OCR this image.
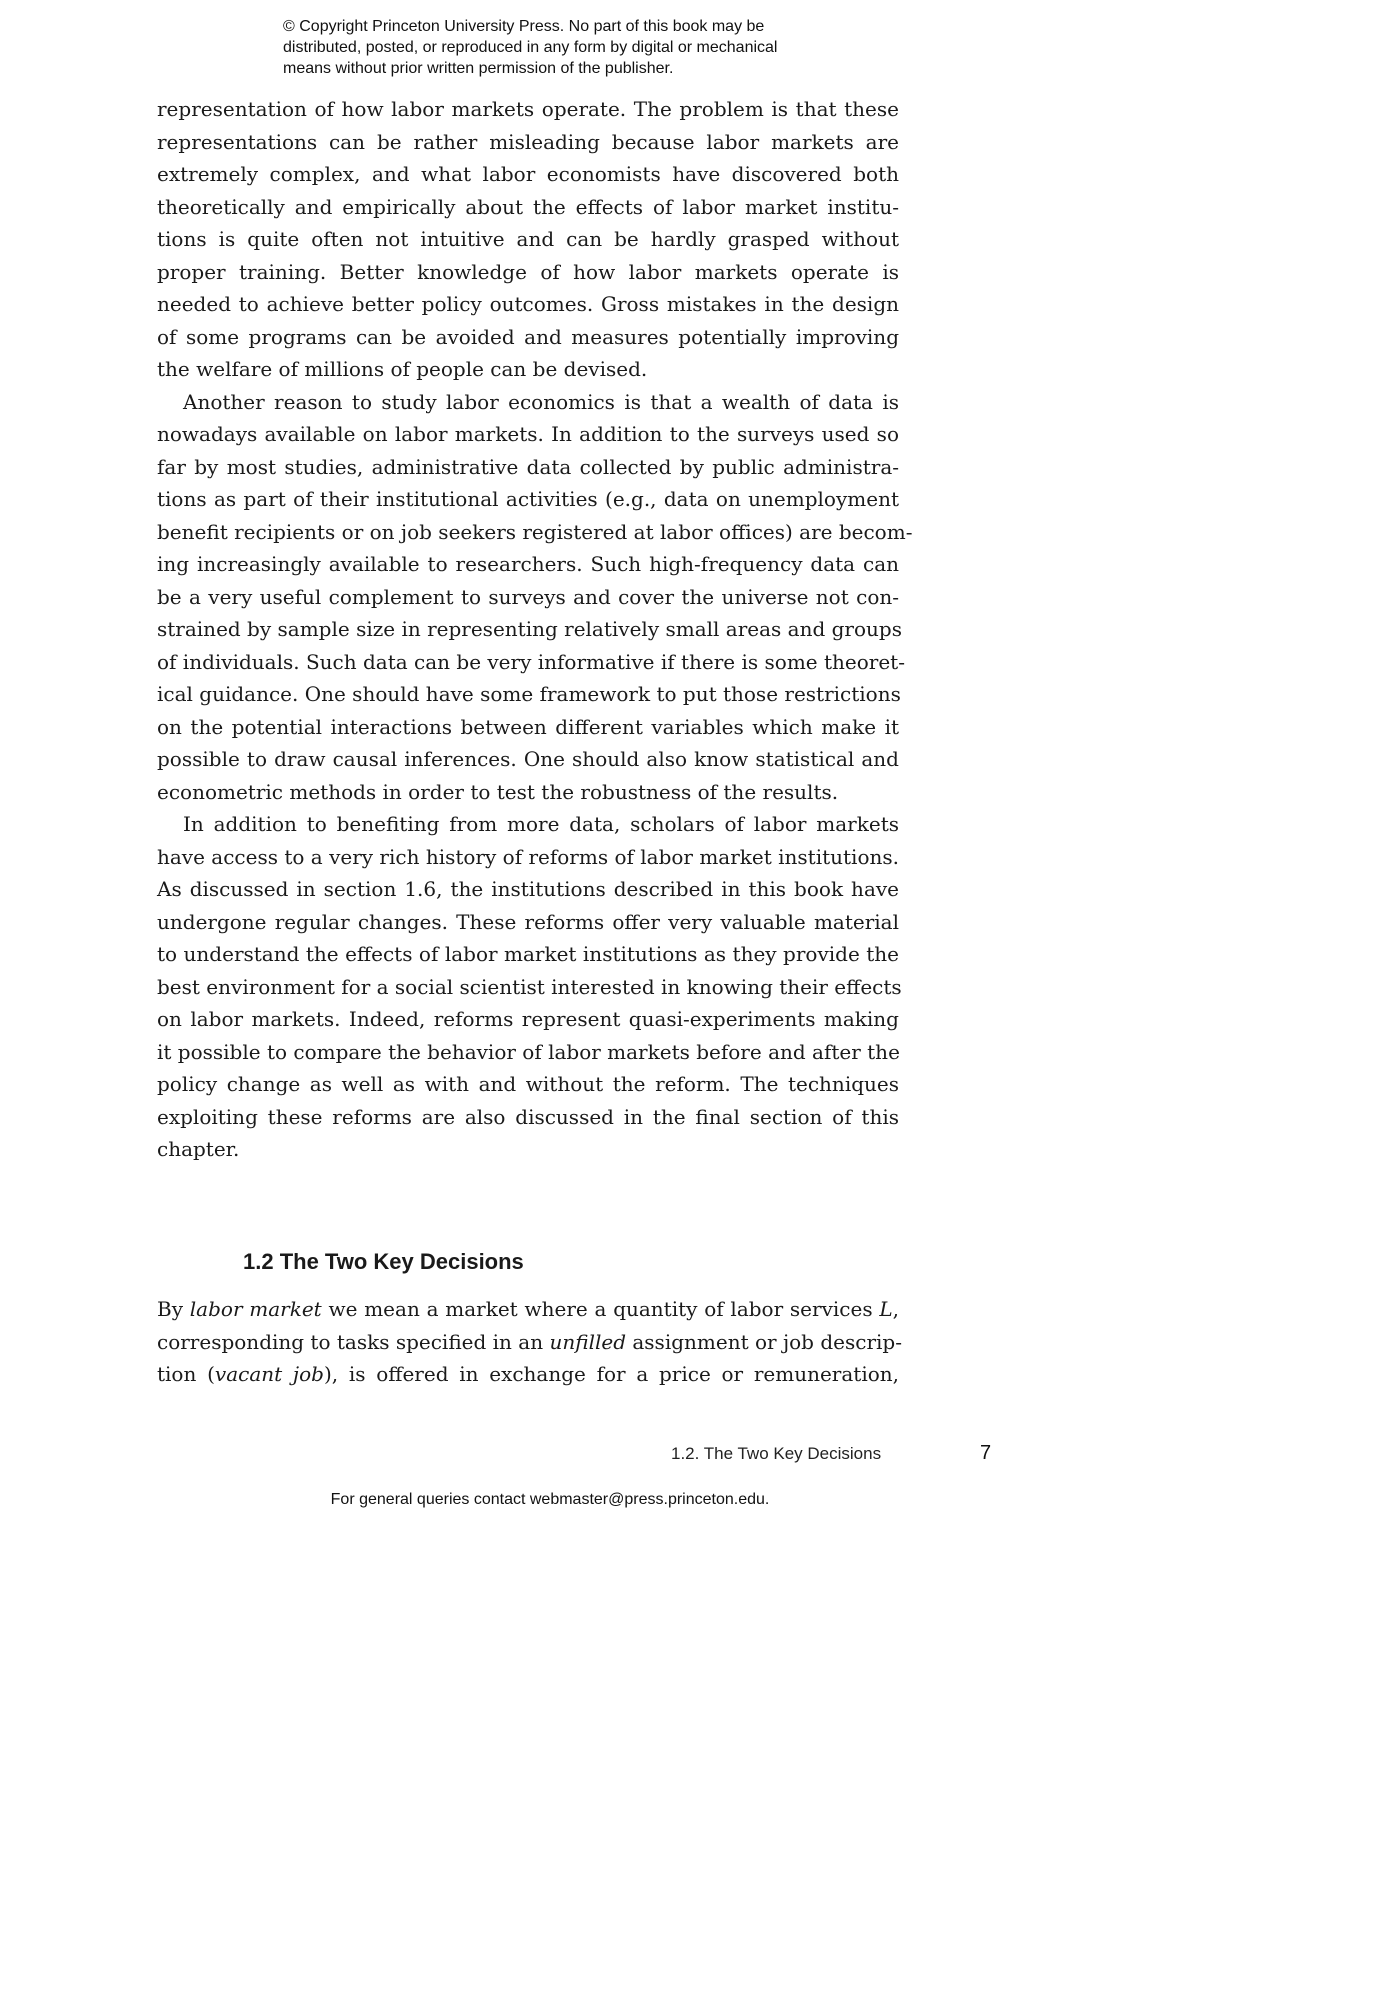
© Copyright Princeton University Press. No part of this book may be
distributed, posted, or reproduced in any form by digital or mechanical
means without prior written permission of the publisher.
representation of how labor markets operate. The problem is that these
representations can be rather misleading because labor markets are
extremely complex, and what labor economists have discovered both
theoretically and empirically about the effects of labor market institu-
tions is quite often not intuitive and can be hardly grasped without
proper training. Better knowledge of how labor markets operate is
needed to achieve better policy outcomes. Gross mistakes in the design
of some programs can be avoided and measures potentially improving
the welfare of millions of people can be devised.
Another reason to study labor economics is that a wealth of data is
nowadays available on labor markets. In addition to the surveys used so
far by most studies, administrative data collected by public administra-
tions as part of their institutional activities (e.g., data on unemployment
benefit recipients or on job seekers registered at labor offices) are becom-
ing increasingly available to researchers. Such high-frequency data can
be a very useful complement to surveys and cover the universe not con-
strained by sample size in representing relatively small areas and groups
of individuals. Such data can be very informative if there is some theoret-
ical guidance. One should have some framework to put those restrictions
on the potential interactions between different variables which make it
possible to draw causal inferences. One should also know statistical and
econometric methods in order to test the robustness of the results.
In addition to benefiting from more data, scholars of labor markets
have access to a very rich history of reforms of labor market institutions.
As discussed in section 1.6, the institutions described in this book have
undergone regular changes. These reforms offer very valuable material
to understand the effects of labor market institutions as they provide the
best environment for a social scientist interested in knowing their effects
on labor markets. Indeed, reforms represent quasi-experiments making
it possible to compare the behavior of labor markets before and after the
policy change as well as with and without the reform. The techniques
exploiting these reforms are also discussed in the final section of this
chapter.
1.2 The Two Key Decisions
By labor market we mean a market where a quantity of labor services L,
corresponding to tasks specified in an unfilled assignment or job descrip-
tion (vacant job), is offered in exchange for a price or remuneration,
1.2. The Two Key Decisions	7
For general queries contact webmaster@press.princeton.edu.
